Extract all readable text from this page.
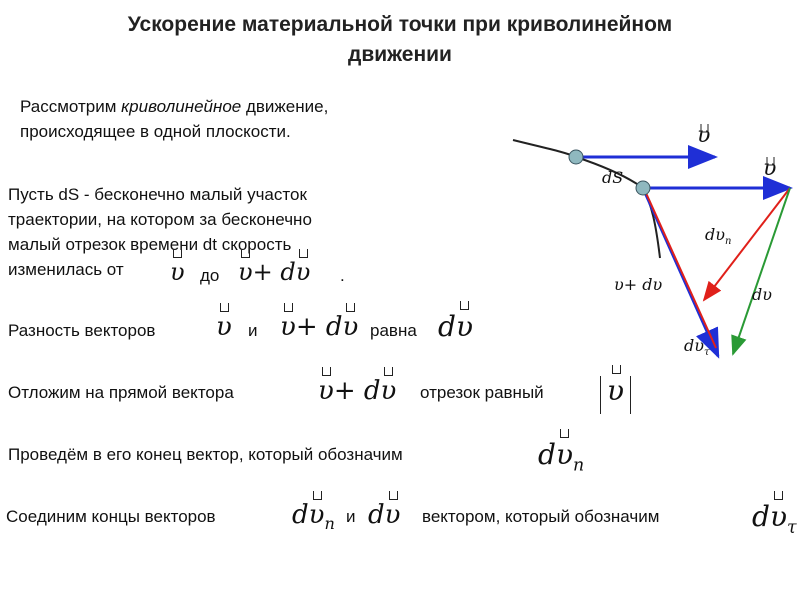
Ускорение материальной точки при криволинейном
движении
Рассмотрим криволинейное движение,
происходящее в одной плоскости.
Пусть dS - бесконечно малый участок
траектории, на котором за бесконечно
малый отрезок времени dt скорость
изменилась от	до	.
υ υ+ dυ
Разность векторов υ и υ+ dυ равна dυ
Отложим на прямой вектора	υ+ dυ отрезок равный υ
Проведём в его конец вектор, который обозначим	$d\upsilon_n$
Соединим концы векторов	$d\upsilon_n$ и dυ вектором, который обозначим	$d\upsilon_\tau$
dS
υ
υ
$d\upsilon_n$
υ+ dυ
dυ
$d\upsilon_\tau$
